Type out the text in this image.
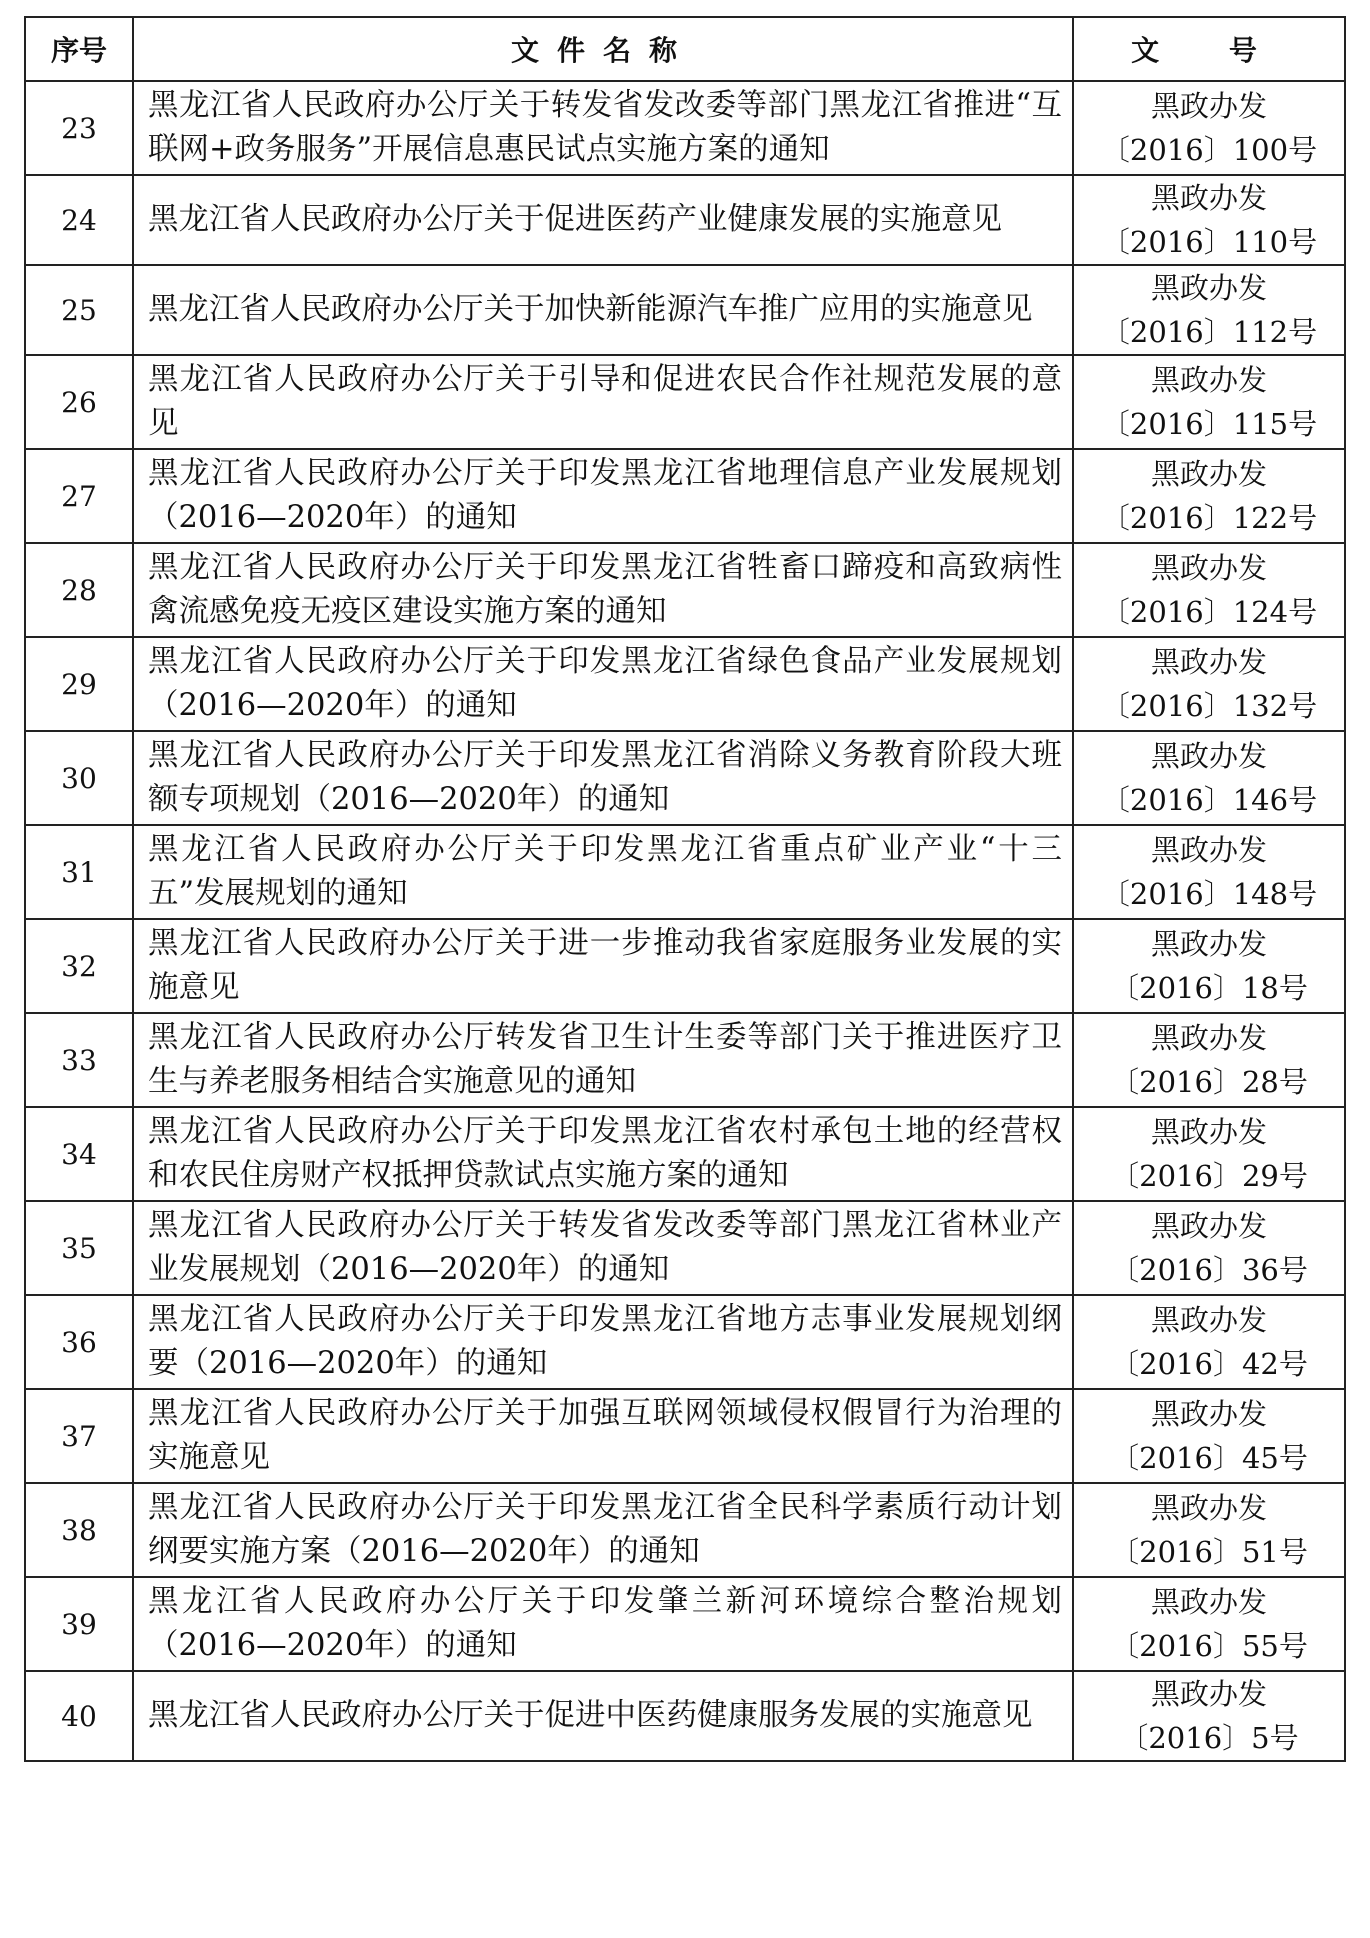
序号	文件名称	文 号
23	黑龙江省人民政府办公厅关于转发省发改委等部门黑龙江省推进“互联网+政务服务”开展信息惠民试点实施方案的通知	黑政办发
〔2016〕100号

24	黑龙江省人民政府办公厅关于促进医药产业健康发展的实施意见	黑政办发
〔2016〕110号

25	黑龙江省人民政府办公厅关于加快新能源汽车推广应用的实施意见	黑政办发
〔2016〕112号

26	黑龙江省人民政府办公厅关于引导和促进农民合作社规范发展的意见	黑政办发
〔2016〕115号

27	黑龙江省人民政府办公厅关于印发黑龙江省地理信息产业发展规划（2016—2020年）的通知	黑政办发
〔2016〕122号

28	黑龙江省人民政府办公厅关于印发黑龙江省牲畜口蹄疫和高致病性禽流感免疫无疫区建设实施方案的通知	黑政办发
〔2016〕124号

29	黑龙江省人民政府办公厅关于印发黑龙江省绿色食品产业发展规划（2016—2020年）的通知	黑政办发
〔2016〕132号

30	黑龙江省人民政府办公厅关于印发黑龙江省消除义务教育阶段大班额专项规划（2016—2020年）的通知	黑政办发
〔2016〕146号

31	黑龙江省人民政府办公厅关于印发黑龙江省重点矿业产业“十三五”发展规划的通知	黑政办发
〔2016〕148号

32	黑龙江省人民政府办公厅关于进一步推动我省家庭服务业发展的实施意见	黑政办发
〔2016〕18号

33	黑龙江省人民政府办公厅转发省卫生计生委等部门关于推进医疗卫生与养老服务相结合实施意见的通知	黑政办发
〔2016〕28号

34	黑龙江省人民政府办公厅关于印发黑龙江省农村承包土地的经营权和农民住房财产权抵押贷款试点实施方案的通知	黑政办发
〔2016〕29号

35	黑龙江省人民政府办公厅关于转发省发改委等部门黑龙江省林业产业发展规划（2016—2020年）的通知	黑政办发
〔2016〕36号

36	黑龙江省人民政府办公厅关于印发黑龙江省地方志事业发展规划纲要（2016—2020年）的通知	黑政办发
〔2016〕42号

37	黑龙江省人民政府办公厅关于加强互联网领域侵权假冒行为治理的实施意见	黑政办发
〔2016〕45号

38	黑龙江省人民政府办公厅关于印发黑龙江省全民科学素质行动计划纲要实施方案（2016—2020年）的通知	黑政办发
〔2016〕51号

39	黑龙江省人民政府办公厅关于印发肇兰新河环境综合整治规划（2016—2020年）的通知	黑政办发
〔2016〕55号

40	黑龙江省人民政府办公厅关于促进中医药健康服务发展的实施意见	黑政办发
〔2016〕5号
